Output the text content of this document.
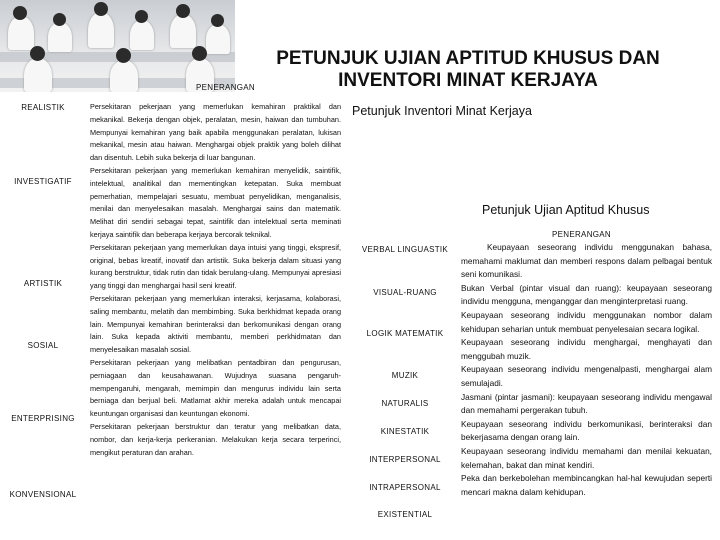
PETUNJUK UJIAN APTITUD KHUSUS DAN INVENTORI MINAT KERJAYA
PENERANGAN
REALISTIK
INVESTIGATIF
ARTISTIK
SOSIAL
ENTERPRISING
KONVENSIONAL

Persekitaran pekerjaan yang memerlukan kemahiran praktikal dan mekanikal. Bekerja dengan objek, peralatan, mesin, haiwan dan tumbuhan. Mempunyai kemahiran yang baik apabila menggunakan peralatan, lukisan mekanikal, mesin atau haiwan. Menghargai objek praktik yang boleh dilihat dan disentuh. Lebih suka bekerja di luar bangunan.

Persekitaran pekerjaan yang memerlukan kemahiran menyelidik, saintifik, intelektual, analitikal dan mementingkan ketepatan. Suka membuat pemerhatian, mempelajari sesuatu, membuat penyelidikan, menganalisis, menilai dan menyelesaikan masalah. Menghargai sains dan matematik. Melihat diri sendiri sebagai tepat, saintifik dan intelektual serta meminati kerjaya saintifik dan beberapa kerjaya bercorak teknikal.

Persekitaran pekerjaan yang memerlukan daya intuisi yang tinggi, ekspresif, original, bebas kreatif, inovatif dan artistik. Suka bekerja dalam situasi yang kurang berstruktur, tidak rutin dan tidak berulang-ulang. Mempunyai apresiasi yang tinggi dan menghargai hasil seni kreatif.

Persekitaran pekerjaan yang memerlukan interaksi, kerjasama, kolaborasi, saling membantu, melatih dan membimbing. Suka berkhidmat kepada orang lain. Mempunyai kemahiran berinteraksi dan berkomunikasi dengan orang lain. Suka kepada aktiviti membantu, memberi perkhidmatan dan menyelesaikan masalah sosial.

Persekitaran pekerjaan yang melibatkan pentadbiran dan pengurusan, perniagaan dan keusahawanan. Wujudnya suasana pengaruh-mempengaruhi, mengarah, memimpin dan mengurus individu lain serta berniaga dan berjual beli. Matlamat akhir mereka adalah untuk mencapai keuntungan organisasi dan keuntungan ekonomi.

Persekitaran pekerjaan berstruktur dan teratur yang melibatkan data, nombor, dan kerja-kerja perkeranian. Melakukan kerja secara terperinci, mengikut peraturan dan arahan.

Petunjuk Inventori Minat Kerjaya
Petunjuk Ujian Aptitud Khusus
PENERANGAN
VERBAL LINGUASTIK
VISUAL-RUANG
LOGIK MATEMATIK
MUZIK
NATURALIS
KINESTATIK
INTERPERSONAL
INTRAPERSONAL
EXISTENTIAL

Keupayaan seseorang individu menggunakan bahasa, memahami maklumat dan memberi respons dalam pelbagai bentuk seni komunikasi.

Bukan Verbal (pintar visual dan ruang): keupayaan seseorang individu mengguna, menganggar dan menginterpretasi ruang.

Keupayaan seseorang individu menggunakan nombor dalam kehidupan seharian untuk membuat penyelesaian secara logikal.

Keupayaan seseorang individu menghargai, menghayati dan menggubah muzik.

Keupayaan seseorang individu mengenalpasti, menghargai alam semulajadi.

Jasmani (pintar jasmani): keupayaan seseorang individu mengawal dan memahami pergerakan tubuh.

Keupayaan seseorang individu berkomunikasi, berinteraksi dan bekerjasama dengan orang lain.

Keupayaan seseorang individu memahami dan menilai kekuatan, kelemahan, bakat dan minat kendiri.

Peka dan berkebolehan membincangkan hal-hal kewujudan seperti mencari makna dalam kehidupan.
